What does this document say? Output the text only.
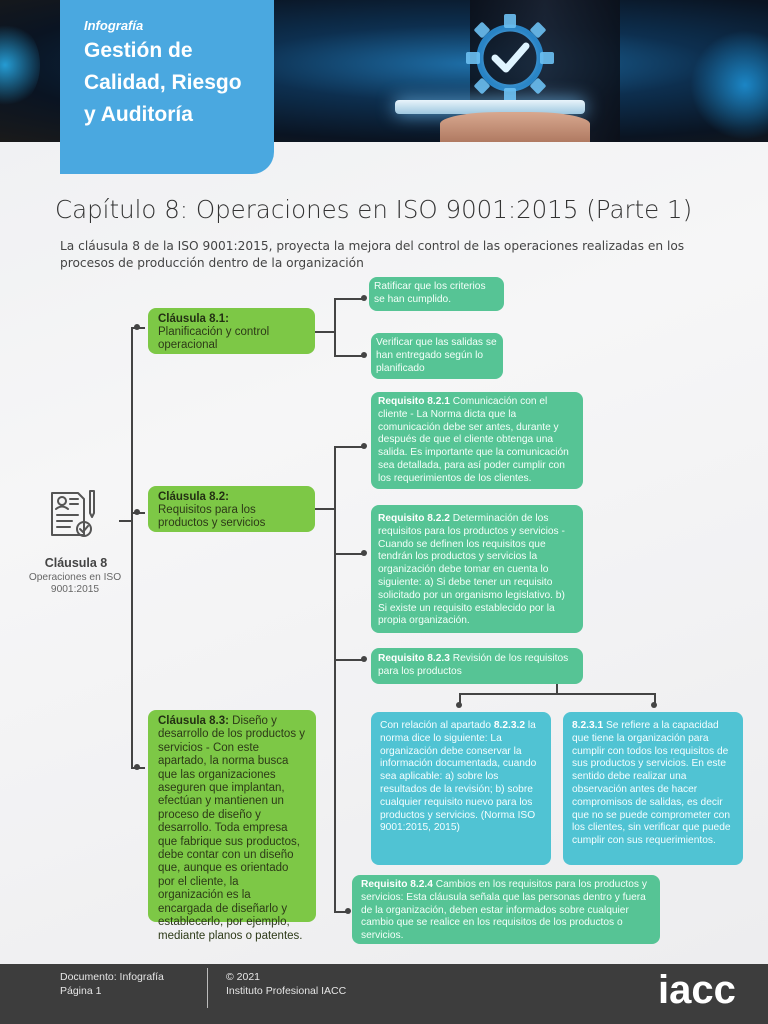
Infografía
Gestión de
Calidad, Riesgo
y Auditoría
Capítulo 8: Operaciones en ISO 9001:2015 (Parte 1)
La cláusula 8 de la ISO 9001:2015, proyecta la mejora del control de las operaciones realizadas en los procesos de producción dentro de la organización
Cláusula 8
Operaciones en ISO 9001:2015
Cláusula 8.1:
Planificación y control operacional
Ratificar que los criterios se han cumplido.
Verificar que las salidas se han entregado según lo planificado
Cláusula 8.2:
Requisitos para los productos y servicios
Requisito 8.2.1 Comunicación con el cliente - La Norma dicta que la comunicación debe ser antes, durante y después de que el cliente obtenga una salida. Es importante que la comunicación sea detallada, para así poder cumplir con los requerimientos de los clientes.
Requisito 8.2.2 Determinación de los requisitos para los productos y servicios - Cuando se definen los requisitos que tendrán los productos y servicios la organización debe tomar en cuenta lo siguiente: a) Si debe tener un requisito solicitado por un organismo legislativo. b) Si existe un requisito establecido por la propia organización.
Requisito 8.2.3 Revisión de los requisitos para los productos
Con relación al apartado 8.2.3.2 la norma dice lo siguiente: La organización debe conservar la información documentada, cuando sea aplicable: a) sobre los resultados de la revisión; b) sobre cualquier requisito nuevo para los productos y servicios. (Norma ISO 9001:2015, 2015)
8.2.3.1 Se refiere a la capacidad que tiene la organización para cumplir con todos los requisitos de sus productos y servicios. En este sentido debe realizar una observación antes de hacer compromisos de salidas, es decir que no se puede comprometer con los clientes, sin verificar que puede cumplir con sus requerimientos.
Requisito 8.2.4 Cambios en los requisitos para los productos y servicios: Esta cláusula señala que las personas dentro y fuera de la organización, deben estar informados sobre cualquier cambio que se realice en los requisitos de los productos o servicios.
Cláusula 8.3: Diseño y desarrollo de los productos y servicios - Con este apartado, la norma busca que las organizaciones aseguren que implantan, efectúan y mantienen un proceso de diseño y desarrollo. Toda empresa que fabrique sus productos, debe contar con un diseño que, aunque es orientado por el cliente, la organización es la encargada de diseñarlo y establecerlo, por ejemplo, mediante planos o patentes.
Documento: Infografía
Página 1
© 2021
Instituto Profesional IACC	iacc
